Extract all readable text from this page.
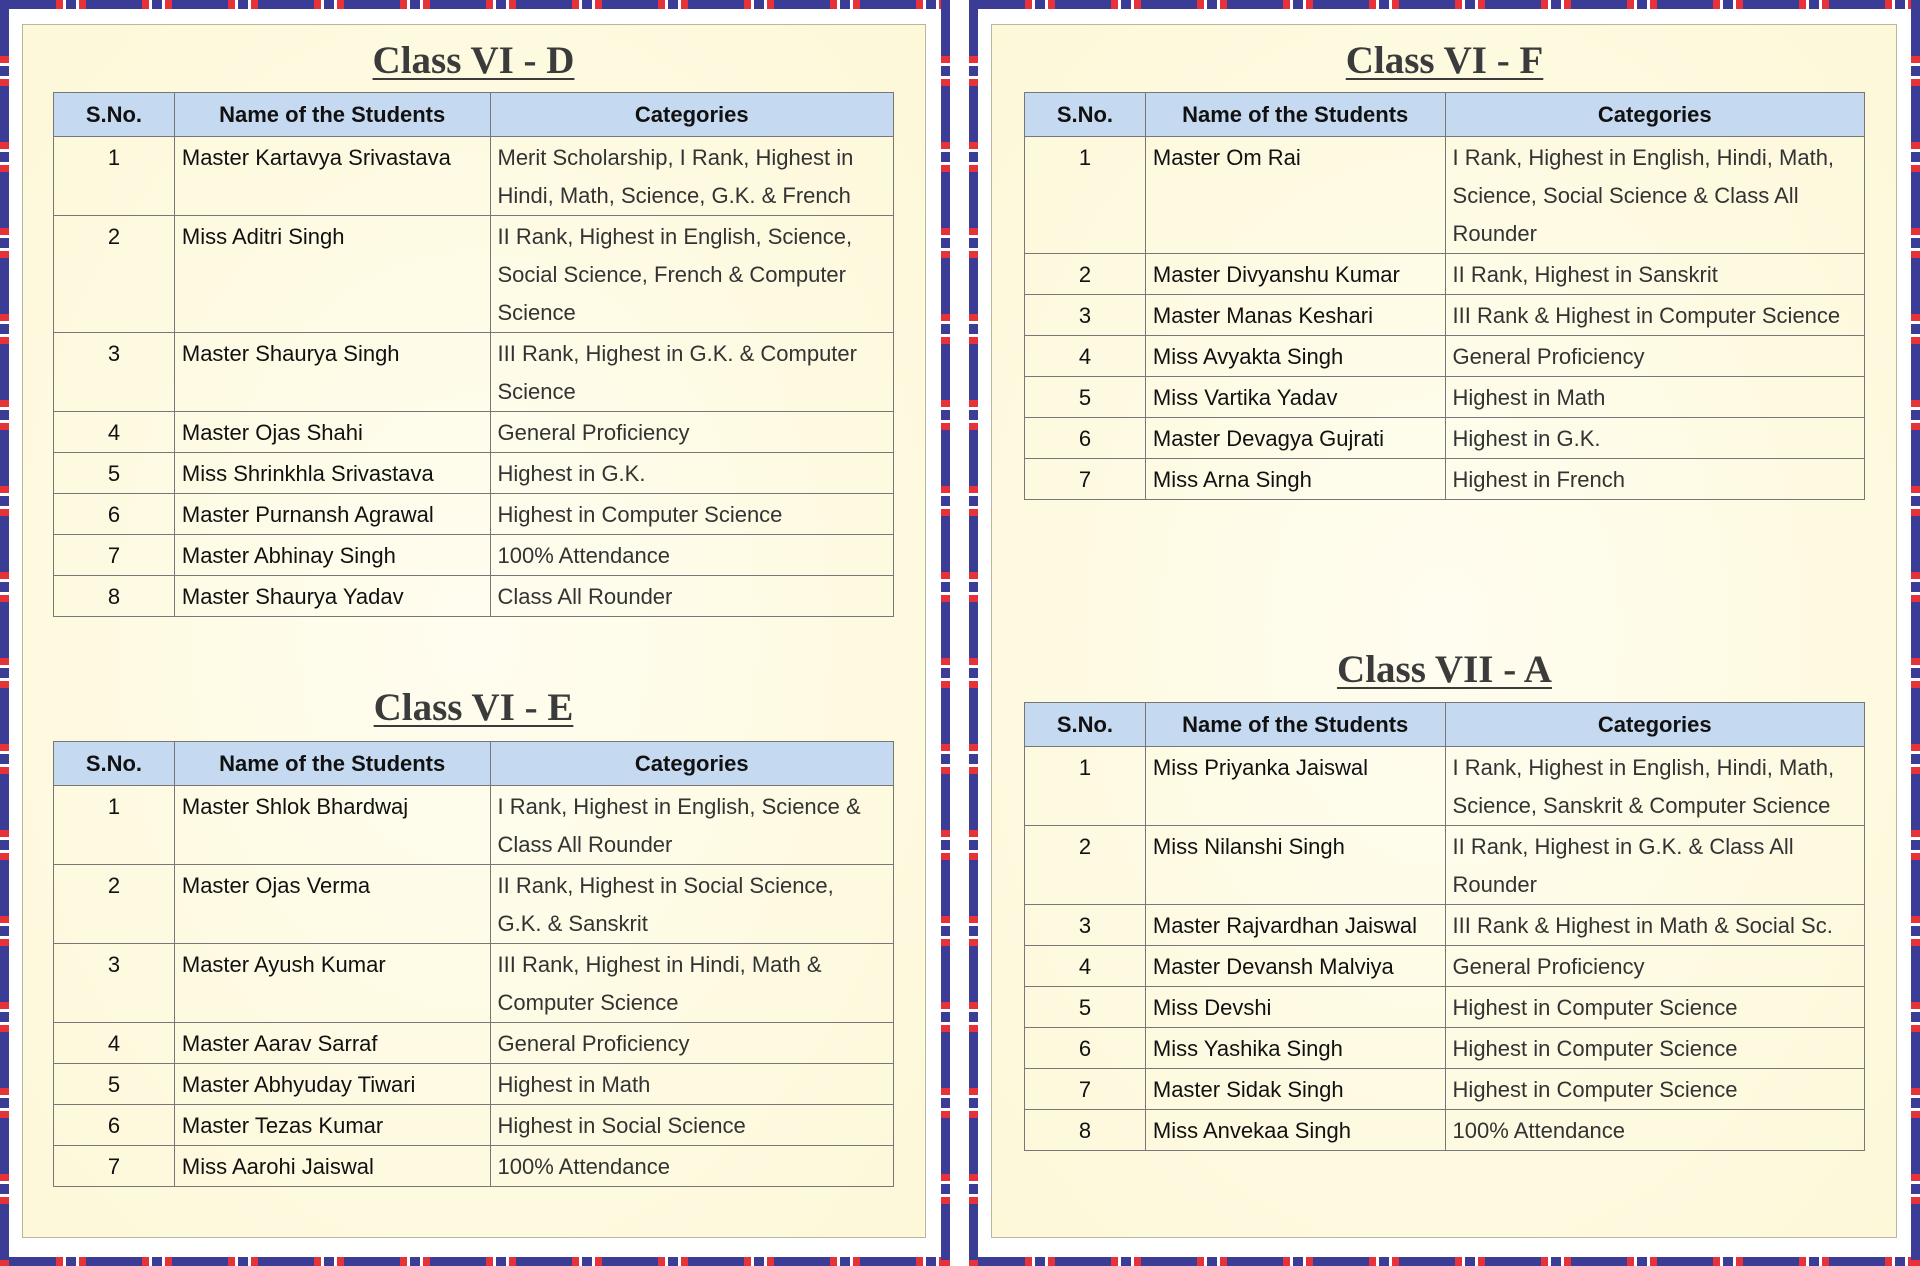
Class VI - D
S.No.	Name of the Students	Categories
1	Master Kartavya Srivastava	Merit Scholarship, I Rank, Highest in Hindi, Math, Science, G.K. & French
2	Miss Aditri Singh	II Rank, Highest in English, Science, Social Science, French & Computer Science
3	Master Shaurya Singh	III Rank, Highest in G.K. & Computer Science
4	Master Ojas Shahi	General Proficiency
5	Miss Shrinkhla Srivastava	Highest in G.K.
6	Master Purnansh Agrawal	Highest in Computer Science
7	Master Abhinay Singh	100% Attendance
8	Master Shaurya Yadav	Class All Rounder
Class VI - E
S.No.	Name of the Students	Categories
1	Master Shlok Bhardwaj	I Rank, Highest in English, Science & Class All Rounder
2	Master Ojas Verma	II Rank, Highest in Social Science, G.K. & Sanskrit
3	Master Ayush Kumar	III Rank, Highest in Hindi, Math & Computer Science
4	Master Aarav Sarraf	General Proficiency
5	Master Abhyuday Tiwari	Highest in Math
6	Master Tezas Kumar	Highest in Social Science
7	Miss Aarohi Jaiswal	100% Attendance
Class VI - F
S.No.	Name of the Students	Categories
1	Master Om Rai	I Rank, Highest in English, Hindi, Math, Science, Social Science & Class All Rounder
2	Master Divyanshu Kumar	II Rank, Highest in Sanskrit
3	Master Manas Keshari	III Rank & Highest in Computer Science
4	Miss Avyakta Singh	General Proficiency
5	Miss Vartika Yadav	Highest in Math
6	Master Devagya Gujrati	Highest in G.K.
7	Miss Arna Singh	Highest in French
Class VII - A
S.No.	Name of the Students	Categories
1	Miss Priyanka Jaiswal	I Rank, Highest in English, Hindi, Math, Science, Sanskrit & Computer Science
2	Miss Nilanshi Singh	II Rank, Highest in G.K. & Class All Rounder
3	Master Rajvardhan Jaiswal	III Rank & Highest in Math & Social Sc.
4	Master Devansh Malviya	General Proficiency
5	Miss Devshi	Highest in Computer Science
6	Miss Yashika Singh	Highest in Computer Science
7	Master Sidak Singh	Highest in Computer Science
8	Miss Anvekaa Singh	100% Attendance
